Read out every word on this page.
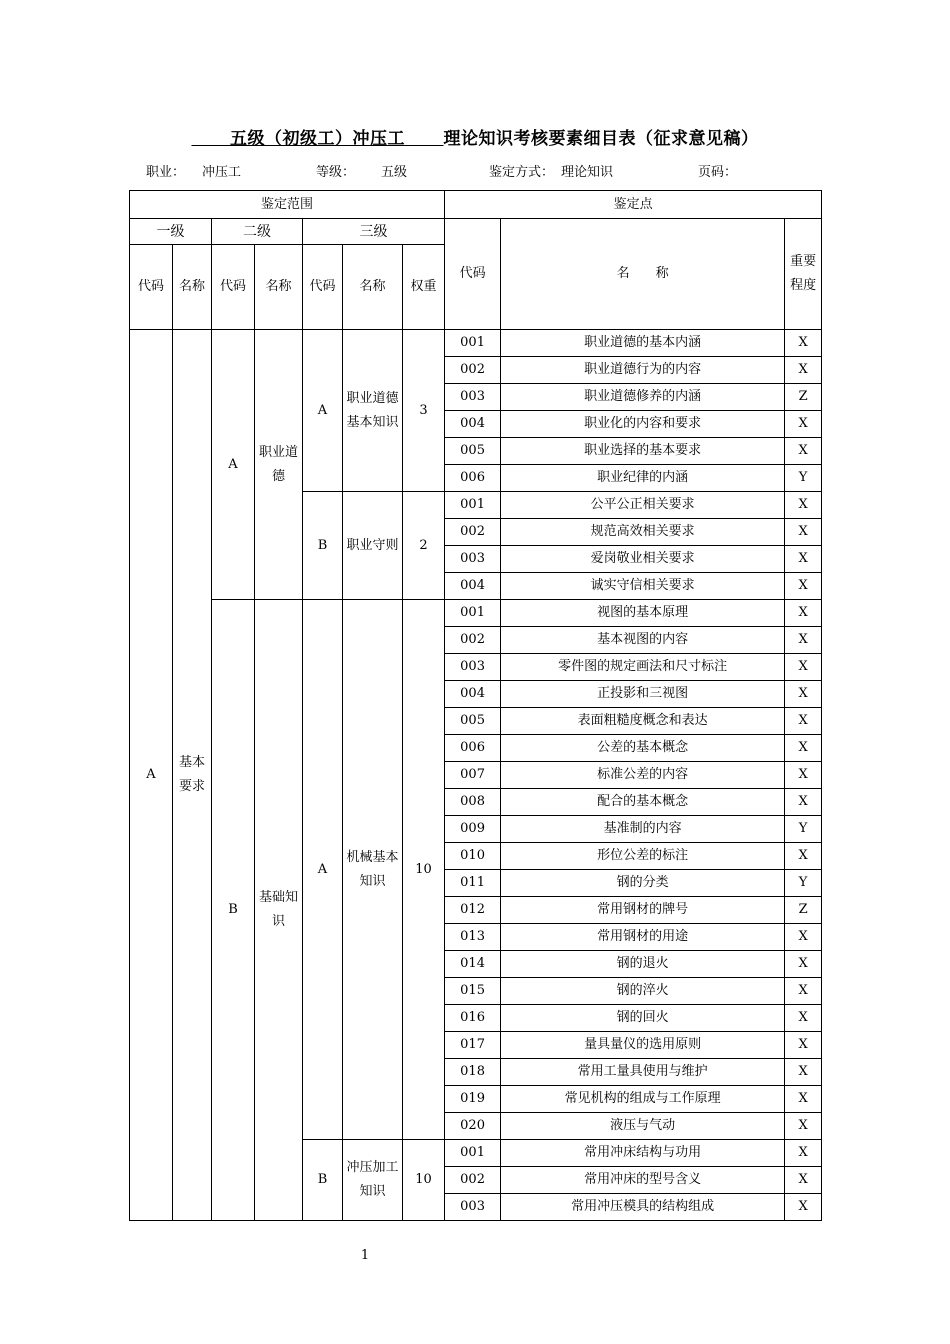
五级（初级工）冲压工 理论知识考核要素细目表（征求意见稿）
职业： 冲压工	等级： 五级	鉴定方式： 理论知识	页码：
鉴定范围							鉴定点		
一级		二级		三级			代码	名　　称	重要程度
代码	名称	代码	名称	代码	名称	权重			
A	基本要求	A	职业道德	A	职业道德基本知识	3	001	职业道德的基本内涵	X
							002	职业道德行为的内容	X
							003	职业道德修养的内涵	Z
							004	职业化的内容和要求	X
							005	职业选择的基本要求	X
							006	职业纪律的内涵	Y
				B	职业守则	2	001	公平公正相关要求	X
							002	规范高效相关要求	X
							003	爱岗敬业相关要求	X
							004	诚实守信相关要求	X
		B	基础知识	A	机械基本知识	10	001	视图的基本原理	X
							002	基本视图的内容	X
							003	零件图的规定画法和尺寸标注	X
							004	正投影和三视图	X
							005	表面粗糙度概念和表达	X
							006	公差的基本概念	X
							007	标准公差的内容	X
							008	配合的基本概念	X
							009	基准制的内容	Y
							010	形位公差的标注	X
							011	钢的分类	Y
							012	常用钢材的牌号	Z
							013	常用钢材的用途	X
							014	钢的退火	X
							015	钢的淬火	X
							016	钢的回火	X
							017	量具量仪的选用原则	X
							018	常用工量具使用与维护	X
							019	常见机构的组成与工作原理	X
							020	液压与气动	X
				B	冲压加工知识	10	001	常用冲床结构与功用	X
							002	常用冲床的型号含义	X
							003	常用冲压模具的结构组成	X
1
